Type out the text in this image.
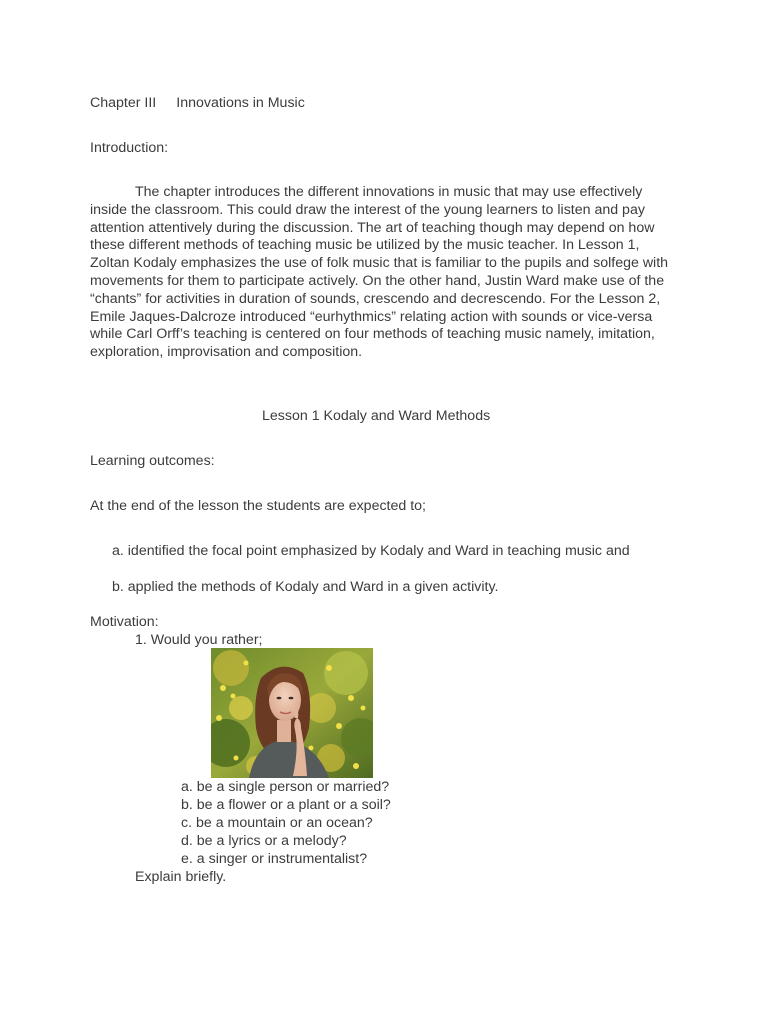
Chapter III Innovations in Music
Introduction:
The chapter introduces the different innovations in music that may use effectively inside the classroom. This could draw the interest of the young learners to listen and pay attention attentively during the discussion. The art of teaching though may depend on how these different methods of teaching music be utilized by the music teacher. In Lesson 1, Zoltan Kodaly emphasizes the use of folk music that is familiar to the pupils and solfege with movements for them to participate actively. On the other hand, Justin Ward make use of the “chants” for activities in duration of sounds, crescendo and decrescendo. For the Lesson 2, Emile Jaques-Dalcroze introduced “eurhythmics” relating action with sounds or vice-versa while Carl Orff’s teaching is centered on four methods of teaching music namely, imitation, exploration, improvisation and composition.
Lesson 1 Kodaly and Ward Methods
Learning outcomes:
At the end of the lesson the students are expected to;
a. identified the focal point emphasized by Kodaly and Ward in teaching music and
b. applied the methods of Kodaly and Ward in a given activity.
Motivation:
1. Would you rather;
a. be a single person or married?
b. be a flower or a plant or a soil?
c. be a mountain or an ocean?
d. be a lyrics or a melody?
e. a singer or instrumentalist?
Explain briefly.
